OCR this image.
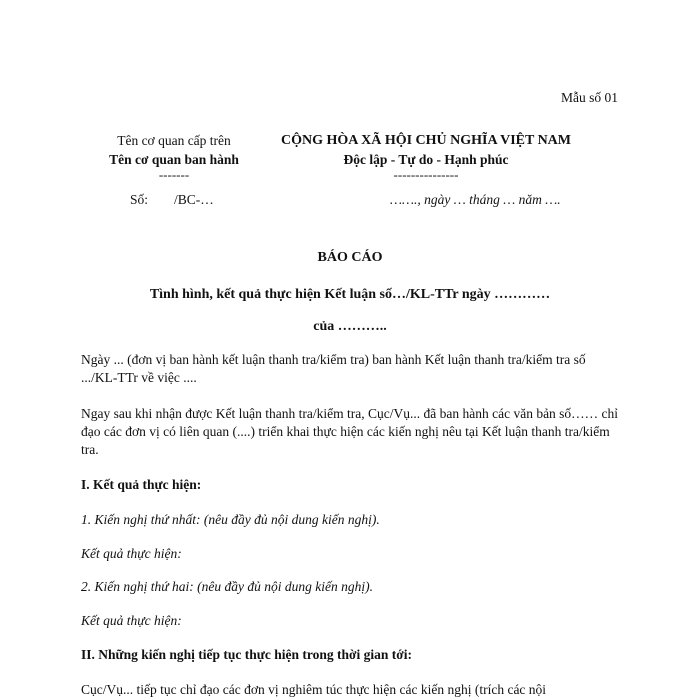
Mẫu số 01
Tên cơ quan cấp trên
Tên cơ quan ban hành
-------
CỘNG HÒA XÃ HỘI CHỦ NGHĨA VIỆT NAM
Độc lập - Tự do - Hạnh phúc
---------------
Số: /BC-…	……., ngày … tháng … năm ….
BÁO CÁO
Tình hình, kết quả thực hiện Kết luận số…/KL-TTr ngày …………
của ………..
Ngày ... (đơn vị ban hành kết luận thanh tra/kiểm tra) ban hành Kết luận thanh tra/kiểm tra số .../KL-TTr về việc ....
Ngay sau khi nhận được Kết luận thanh tra/kiểm tra, Cục/Vụ... đã ban hành các văn bản số…… chỉ đạo các đơn vị có liên quan (....) triển khai thực hiện các kiến nghị nêu tại Kết luận thanh tra/kiểm tra.
I. Kết quả thực hiện:
1. Kiến nghị thứ nhất: (nêu đầy đủ nội dung kiến nghị).
Kết quả thực hiện:
2. Kiến nghị thứ hai: (nêu đầy đủ nội dung kiến nghị).
Kết quả thực hiện:
II. Những kiến nghị tiếp tục thực hiện trong thời gian tới:
Cục/Vụ... tiếp tục chỉ đạo các đơn vị nghiêm túc thực hiện các kiến nghị (trích các nội
